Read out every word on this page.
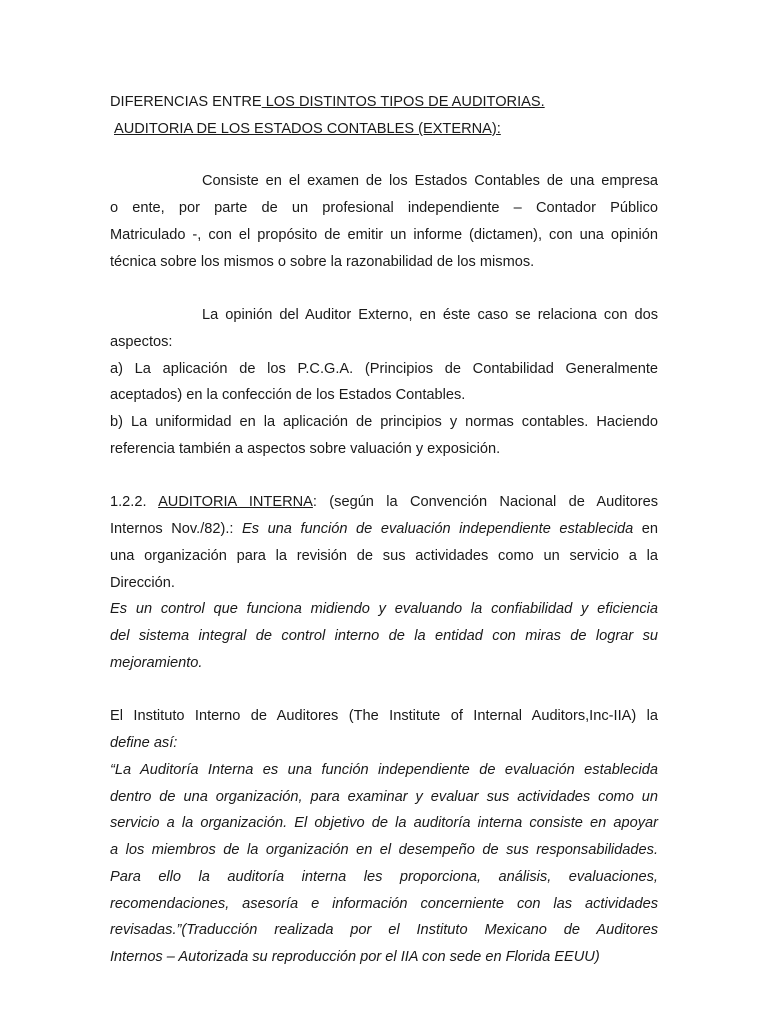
DIFERENCIAS ENTRE LOS DISTINTOS TIPOS DE AUDITORIAS.
AUDITORIA DE LOS ESTADOS CONTABLES (EXTERNA):
Consiste en el examen de los Estados Contables de una empresa
o ente, por parte de un profesional independiente – Contador Público
Matriculado -, con el propósito de emitir un informe (dictamen), con una opinión
técnica sobre los mismos o sobre la razonabilidad de los mismos.
La opinión del Auditor Externo, en éste caso se relaciona con dos
aspectos:
a) La aplicación de los P.C.G.A. (Principios de Contabilidad Generalmente
aceptados) en la confección de los Estados Contables.
b) La uniformidad en la aplicación de principios y normas contables. Haciendo
referencia también a aspectos sobre valuación y exposición.
1.2.2. AUDITORIA INTERNA: (según la Convención Nacional de Auditores
Internos Nov./82).: Es una función de evaluación independiente establecida en
una organización para la revisión de sus actividades como un servicio a la
Dirección.
Es un control que funciona midiendo y evaluando la confiabilidad y eficiencia
del sistema integral de control interno de la entidad con miras de lograr su
mejoramiento.
El Instituto Interno de Auditores (The Institute of Internal Auditors,Inc-IIA) la
define así:
“La Auditoría Interna es una función independiente de evaluación establecida
dentro de una organización, para examinar y evaluar sus actividades como un
servicio a la organización. El objetivo de la auditoría interna consiste en apoyar
a los miembros de la organización en el desempeño de sus responsabilidades.
Para ello la auditoría interna les proporciona, análisis, evaluaciones,
recomendaciones, asesoría e información concerniente con las actividades
revisadas.”(Traducción realizada por el Instituto Mexicano de Auditores
Internos – Autorizada su reproducción por el IIA con sede en Florida EEUU)
